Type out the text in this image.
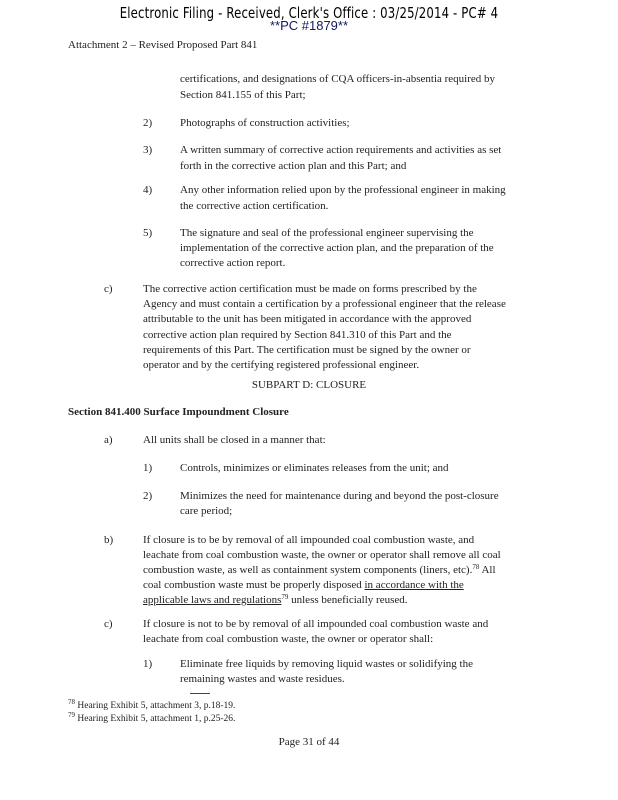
Electronic Filing - Received, Clerk's Office : 03/25/2014 - PC# 4
**PC #1879**
Attachment 2 – Revised Proposed Part 841
certifications, and designations of CQA officers-in-absentia required by
Section 841.155 of this Part;
2)	Photographs of construction activities;
3)	A written summary of corrective action requirements and activities as set
forth in the corrective action plan and this Part; and
4)	Any other information relied upon by the professional engineer in making
the corrective action certification.
5)	The signature and seal of the professional engineer supervising the
implementation of the corrective action plan, and the preparation of the
corrective action report.
c)	The corrective action certification must be made on forms prescribed by the
Agency and must contain a certification by a professional engineer that the release
attributable to the unit has been mitigated in accordance with the approved
corrective action plan required by Section 841.310 of this Part and the
requirements of this Part. The certification must be signed by the owner or
operator and by the certifying registered professional engineer.
SUBPART D: CLOSURE
Section 841.400 Surface Impoundment Closure
a)	All units shall be closed in a manner that:
1)	Controls, minimizes or eliminates releases from the unit; and
2)	Minimizes the need for maintenance during and beyond the post-closure
care period;
b)	If closure is to be by removal of all impounded coal combustion waste, and
leachate from coal combustion waste, the owner or operator shall remove all coal
combustion waste, as well as containment system components (liners, etc).$^{78}$ All
coal combustion waste must be properly disposed in accordance with the
applicable laws and regulations$^{79}$ unless beneficially reused.
c)	If closure is not to be by removal of all impounded coal combustion waste and
leachate from coal combustion waste, the owner or operator shall:
1)	Eliminate free liquids by removing liquid wastes or solidifying the
remaining wastes and waste residues.
$^{78}$ Hearing Exhibit 5, attachment 3, p.18-19.
$^{79}$ Hearing Exhibit 5, attachment 1, p.25-26.
Page 31 of 44
